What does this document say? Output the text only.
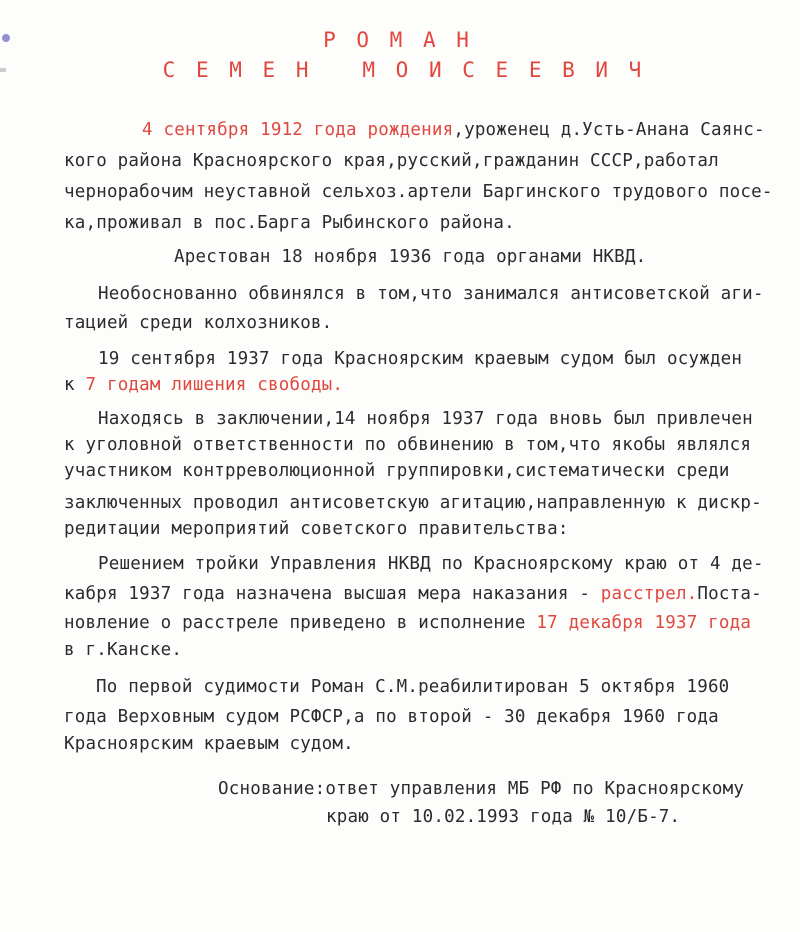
Р О М А Н
С Е М Е Н   М О И С Е Е В И Ч
4 сентября 1912 года рождения,уроженец д.Усть-Анана Саянс-
кого района Красноярского края,русский,гражданин СССР,работал
чернорабочим неуставной сельхоз.артели Баргинского трудового посе-
ка,проживал в пос.Барга Рыбинского района.
Арестован 18 ноября 1936 года органами НКВД.
Необоснованно обвинялся в том,что занимался антисоветской аги-
тацией среди колхозников.
19 сентября 1937 года Красноярским краевым судом был осужден
к 7 годам лишения свободы.
Находясь в заключении,14 ноября 1937 года вновь был привлечен
к уголовной ответственности по обвинению в том,что якобы являлся
участником контрреволюционной группировки,систематически среди
заключенных проводил антисоветскую агитацию,направленную к дискр-
редитации мероприятий советского правительства:
Решением тройки Управления НКВД по Красноярскому краю от 4 де-
кабря 1937 года назначена высшая мера наказания - расстрел.Поста-
новление о расстреле приведено в исполнение 17 декабря 1937 года
в г.Канске.
По первой судимости Роман С.М.реабилитирован 5 октября 1960
года Верховным судом РСФСР,а по второй - 30 декабря 1960 года
Красноярским краевым судом.
Основание:ответ управления МБ РФ по Красноярскому
краю от 10.02.1993 года № 10/Б-7.
